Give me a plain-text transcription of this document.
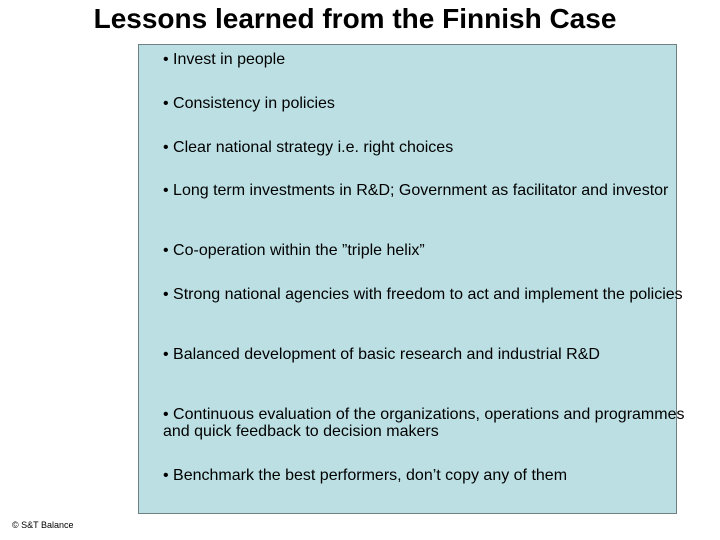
Lessons learned from the Finnish Case

• Invest in people

• Consistency in policies

• Clear national strategy i.e. right choices

• Long term investments in R&D; Government as facilitator and investor

• Co-operation within the ”triple helix”

• Strong national agencies with freedom to act and implement the policies

• Balanced development of basic research and industrial R&D

• Continuous evaluation of the organizations, operations and programmes and quick feedback to decision makers

• Benchmark the best performers, don’t copy any of them

© S&T Balance
